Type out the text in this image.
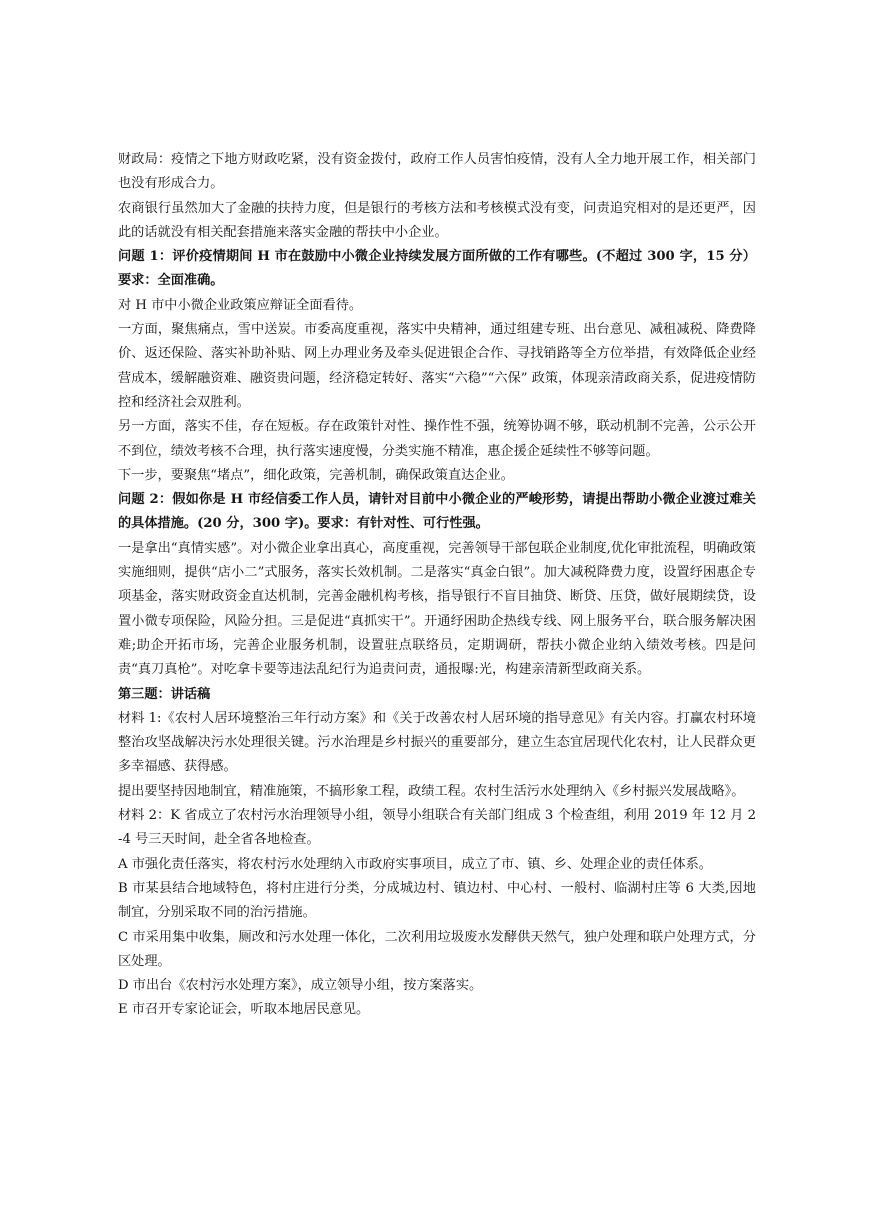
财政局：疫情之下地方财政吃紧，没有资金拨付，政府工作人员害怕疫情，没有人全力地开展工作，相关部门也没有形成合力。

农商银行虽然加大了金融的扶持力度，但是银行的考核方法和考核模式没有变，问责追究相对的是还更严，因此的话就没有相关配套措施来落实金融的帮扶中小企业。

问题 1：评价疫情期间 H 市在鼓励中小微企业持续发展方面所做的工作有哪些。(不超过 300 字，15 分）要求：全面准确。

对 H 市中小微企业政策应辩证全面看待。

一方面，聚焦痛点，雪中送炭。市委高度重视，落实中央精神，通过组建专班、出台意见、减租减税、降费降价、返还保险、落实补助补贴、网上办理业务及牵头促进银企合作、寻找销路等全方位举措，有效降低企业经营成本，缓解融资难、融资贵问题，经济稳定转好、落实“六稳”“六保” 政策，体现亲清政商关系，促进疫情防控和经济社会双胜利。

另一方面，落实不佳，存在短板。存在政策针对性、操作性不强，统筹协调不够，联动机制不完善，公示公开不到位，绩效考核不合理，执行落实速度慢，分类实施不精准，惠企援企延续性不够等问题。

下一步，要聚焦“堵点”，细化政策，完善机制，确保政策直达企业。

问题 2：假如你是 H 市经信委工作人员，请针对目前中小微企业的严峻形势，请提出帮助小微企业渡过难关的具体措施。(20 分，300 字)。要求：有针对性、可行性强。

一是拿出“真情实感”。对小微企业拿出真心，高度重视，完善领导干部包联企业制度,优化审批流程，明确政策实施细则，提供“店小二”式服务，落实长效机制。二是落实“真金白银”。加大减税降费力度，设置纾困惠企专项基金，落实财政资金直达机制，完善金融机构考核，指导银行不盲目抽贷、断贷、压贷，做好展期续贷，设置小微专项保险，风险分担。三是促进“真抓实干”。开通纾困助企热线专线、网上服务平台，联合服务解决困难;助企开拓市场，完善企业服务机制，设置驻点联络员，定期调研，帮扶小微企业纳入绩效考核。四是问责“真刀真枪”。对吃拿卡要等违法乱纪行为追责问责，通报曝:光，构建亲清新型政商关系。

第三题：讲话稿

材料 1:《农村人居环境整治三年行动方案》和《关于改善农村人居环境的指导意见》有关内容。打赢农村环境整治攻坚战解决污水处理很关键。污水治理是乡村振兴的重要部分，建立生态宜居现代化农村，让人民群众更多幸福感、获得感。

提出要坚持因地制宜，精准施策，不搞形象工程，政绩工程。农村生活污水处理纳入《乡村振兴发展战略》。

材料 2：K 省成立了农村污水治理领导小组，领导小组联合有关部门组成 3 个检查组，利用 2019 年 12 月 2-4 号三天时间，赴全省各地检查。

A 市强化责任落实，将农村污水处理纳入市政府实事项目，成立了市、镇、乡、处理企业的责任体系。

B 市某县结合地域特色，将村庄进行分类，分成城边村、镇边村、中心村、一般村、临湖村庄等 6 大类,因地制宜，分别采取不同的治污措施。

C 市采用集中收集，厕改和污水处理一体化，二次利用垃圾废水发酵供天然气，独户处理和联户处理方式，分区处理。

D 市出台《农村污水处理方案》，成立领导小组，按方案落实。

E 市召开专家论证会，听取本地居民意见。
